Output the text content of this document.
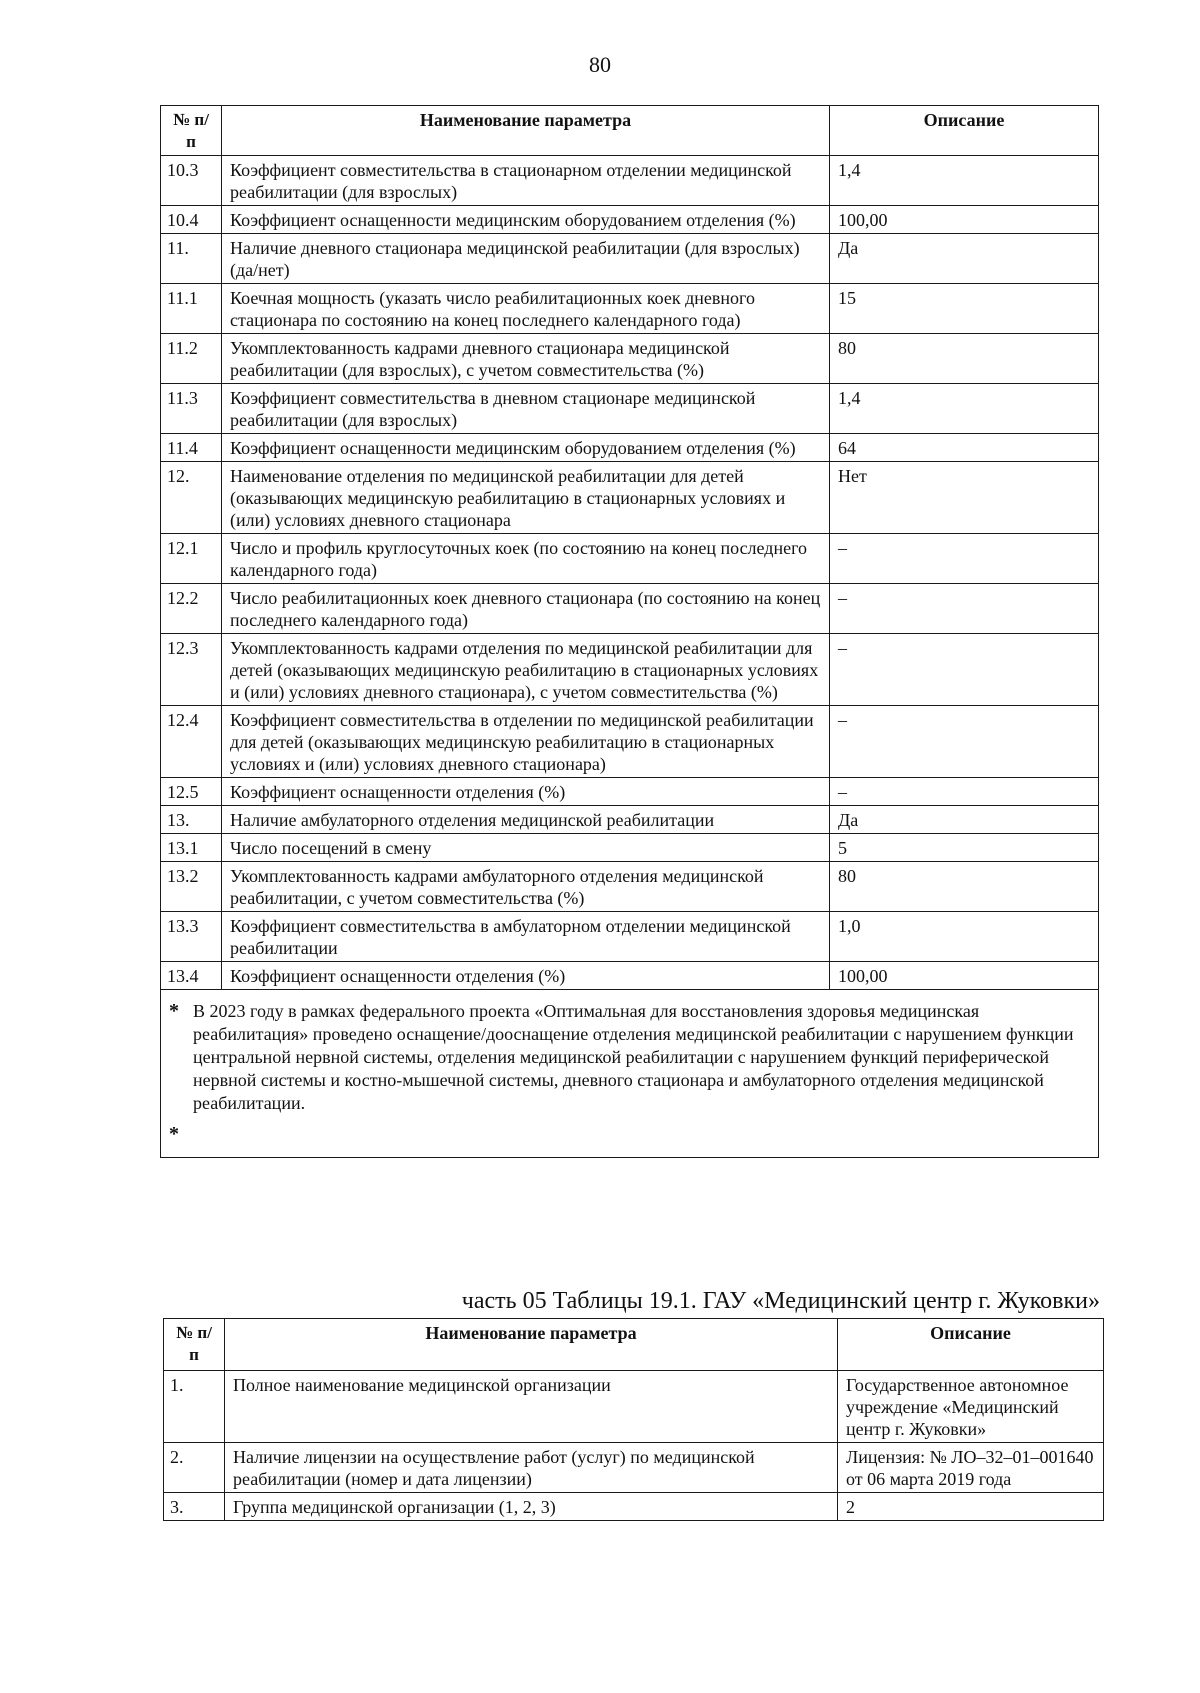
80
№ п/п	Наименование параметра	Описание
10.3	Коэффициент совместительства в стационарном отделении медицинской реабилитации (для взрослых)	1,4
10.4	Коэффициент оснащенности медицинским оборудованием отделения (%)	100,00
11.	Наличие дневного стационара медицинской реабилитации (для взрослых) (да/нет)	Да
11.1	Коечная мощность (указать число реабилитационных коек дневного стационара по состоянию на конец последнего календарного года)	15
11.2	Укомплектованность кадрами дневного стационара медицинской реабилитации (для взрослых), с учетом совместительства (%)	80
11.3	Коэффициент совместительства в дневном стационаре медицинской реабилитации (для взрослых)	1,4
11.4	Коэффициент оснащенности медицинским оборудованием отделения (%)	64
12.	Наименование отделения по медицинской реабилитации для детей (оказывающих медицинскую реабилитацию в стационарных условиях и (или) условиях дневного стационара	Нет
12.1	Число и профиль круглосуточных коек (по состоянию на конец последнего календарного года)	–
12.2	Число реабилитационных коек дневного стационара (по состоянию на конец последнего календарного года)	–
12.3	Укомплектованность кадрами отделения по медицинской реабилитации для детей (оказывающих медицинскую реабилитацию в стационарных условиях и (или) условиях дневного стационара), с учетом совместительства (%)	–
12.4	Коэффициент совместительства в отделении по медицинской реабилитации для детей (оказывающих медицинскую реабилитацию в стационарных условиях и (или) условиях дневного стационара)	–
12.5	Коэффициент оснащенности отделения (%)	–
13.	Наличие амбулаторного отделения медицинской реабилитации	Да
13.1	Число посещений в смену	5
13.2	Укомплектованность кадрами амбулаторного отделения медицинской реабилитации, с учетом совместительства (%)	80
13.3	Коэффициент совместительства в амбулаторном отделении медицинской реабилитации	1,0
13.4	Коэффициент оснащенности отделения (%)	100,00

* В 2023 году в рамках федерального проекта «Оптимальная для восстановления здоровья медицинская реабилитация» проведено оснащение/дооснащение отделения медицинской реабилитации с нарушением функции центральной нервной системы, отделения медицинской реабилитации с нарушением функций периферической нервной системы и костно-мышечной системы, дневного стационара и амбулаторного отделения медицинской реабилитации.
*		
часть 05 Таблицы 19.1. ГАУ «Медицинский центр г. Жуковки»
№ п/п	Наименование параметра	Описание
1.	Полное наименование медицинской организации	Государственное автономное учреждение «Медицинский центр г. Жуковки»
2.	Наличие лицензии на осуществление работ (услуг) по медицинской реабилитации (номер и дата лицензии)	Лицензия: № ЛО–32–01–001640 от 06 марта 2019 года
3.	Группа медицинской организации (1, 2, 3)	2
